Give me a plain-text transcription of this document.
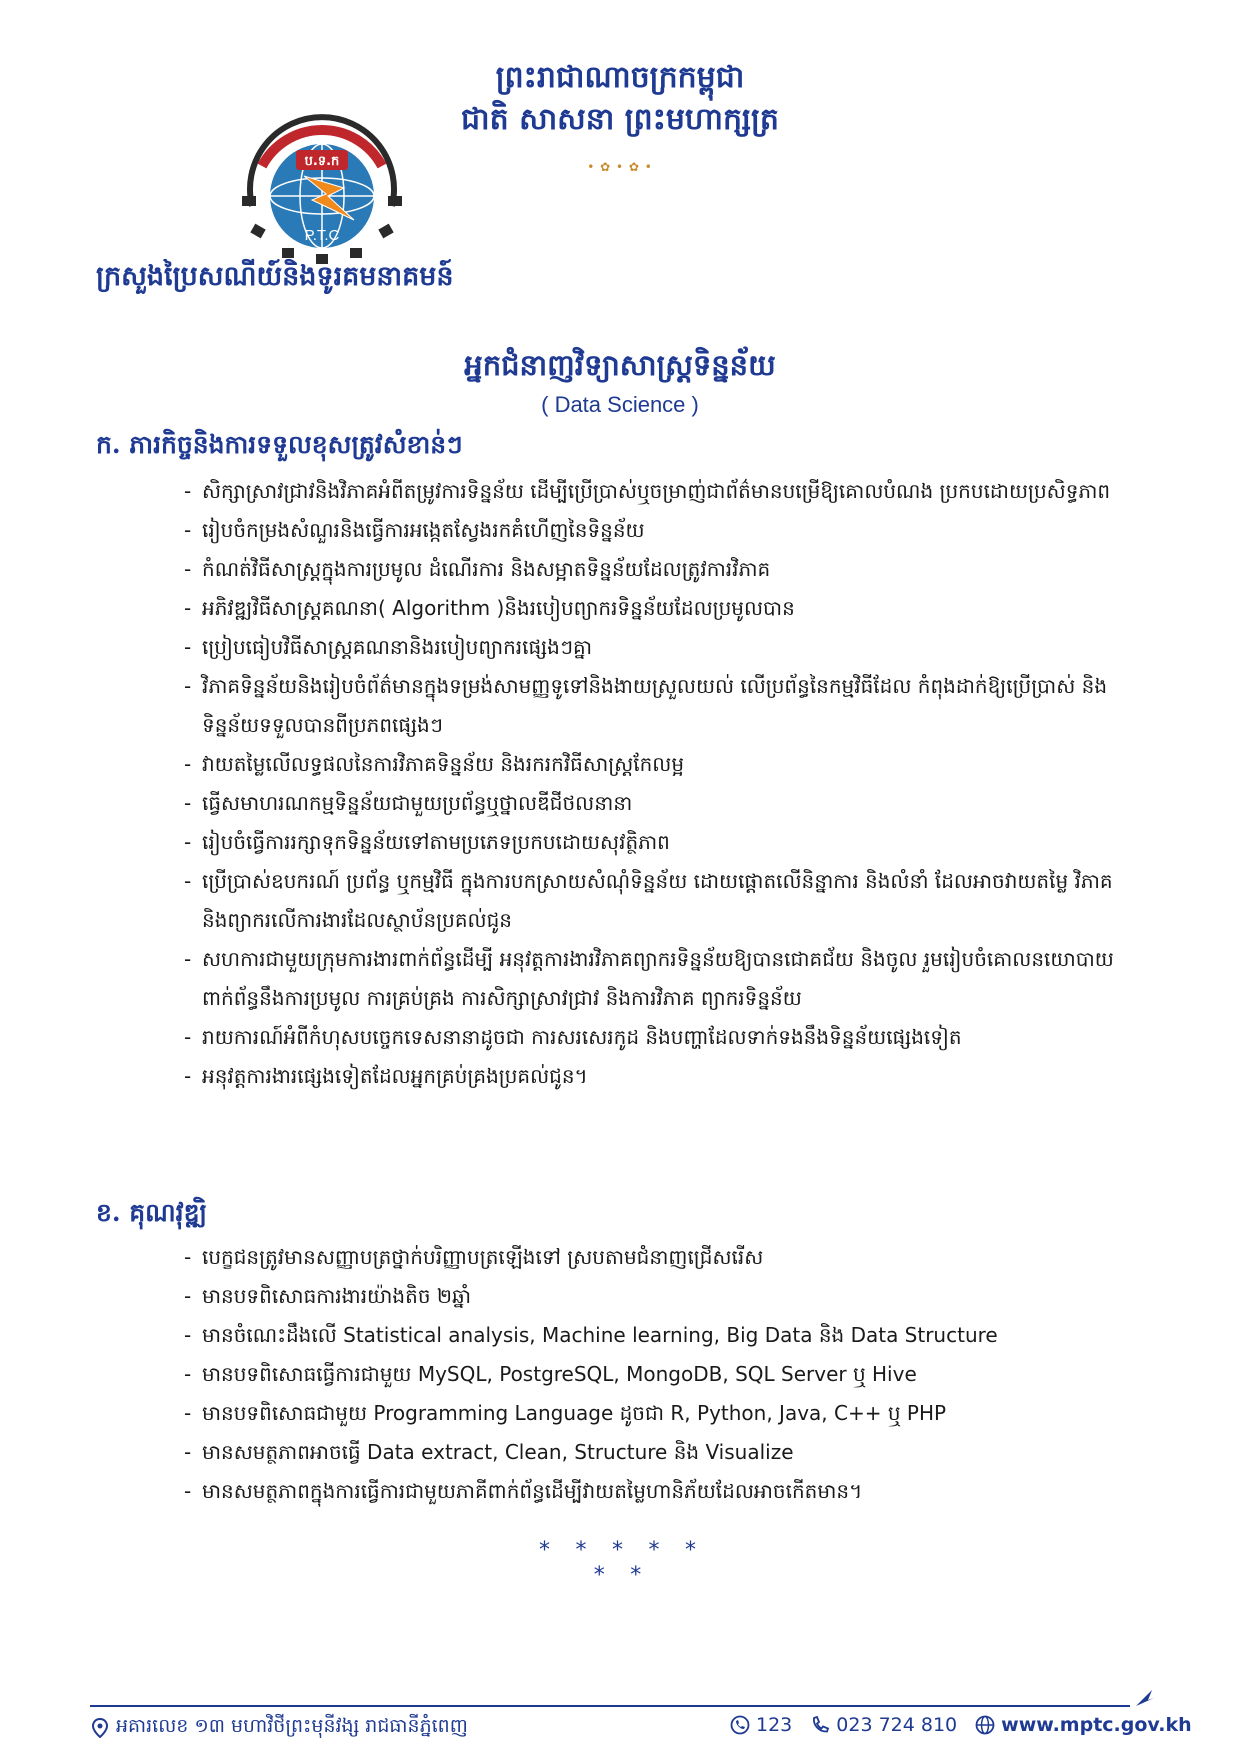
ព្រះរាជាណាចក្រកម្ពុជា
ជាតិ សាសនា ព្រះមហាក្សត្រ
• ✿ • ✿ •
ប.ទ.ក
P.T.C
ក្រសួងប្រៃសណីយ៍និងទូរគមនាគមន៍
អ្នកជំនាញវិទ្យាសាស្ត្រទិន្នន័យ
( Data Science )
ក. ភារកិច្ចនិងការទទួលខុសត្រូវសំខាន់ៗ
- សិក្សាស្រាវជ្រាវនិងវិភាគអំពីតម្រូវការទិន្នន័យ ដើម្បីប្រើប្រាស់ឬចម្រាញ់ជាព័ត៌មានបម្រើឱ្យគោលបំណង ប្រកបដោយប្រសិទ្ធភាព
- រៀបចំកម្រងសំណួរនិងធ្វើការអង្កេតស្វែងរកគំហើញនៃទិន្នន័យ
- កំណត់វិធីសាស្ត្រក្នុងការប្រមូល ដំណើរការ និងសម្អាតទិន្នន័យដែលត្រូវការវិភាគ
- អភិវឌ្ឍវិធីសាស្ត្រគណនា( Algorithm )និងរបៀបព្យាករទិន្នន័យដែលប្រមូលបាន
- ប្រៀបធៀបវិធីសាស្ត្រគណនានិងរបៀបព្យាករផ្សេងៗគ្នា
- វិភាគទិន្នន័យនិងរៀបចំព័ត៌មានក្នុងទម្រង់សាមញ្ញទូទៅនិងងាយស្រួលយល់ លើប្រព័ន្ធនៃកម្មវិធីដែល កំពុងដាក់ឱ្យប្រើប្រាស់ និងទិន្នន័យទទួលបានពីប្រភពផ្សេងៗ
- វាយតម្លៃលើលទ្ធផលនៃការវិភាគទិន្នន័យ និងរករកវិធីសាស្ត្រកែលម្អ
- ធ្វើសមាហរណកម្មទិន្នន័យជាមួយប្រព័ន្ធឬថ្នាលឌីជីថលនានា
- រៀបចំធ្វើការរក្សាទុកទិន្នន័យទៅតាមប្រភេទប្រកបដោយសុវត្ថិភាព
- ប្រើប្រាស់ឧបករណ៍ ប្រព័ន្ធ ឬកម្មវិធី ក្នុងការបកស្រាយសំណុំទិន្នន័យ ដោយផ្តោតលើនិន្នាការ និងលំនាំ ដែលអាចវាយតម្លៃ វិភាគ និងព្យាករលើការងារដែលស្ថាប័នប្រគល់ជូន
- សហការជាមួយក្រុមការងារពាក់ព័ន្ធដើម្បី អនុវត្តការងារវិភាគព្យាករទិន្នន័យឱ្យបានជោគជ័យ និងចូល រួមរៀបចំគោលនយោបាយពាក់ព័ន្ធនឹងការប្រមូល ការគ្រប់គ្រង ការសិក្សាស្រាវជ្រាវ និងការវិភាគ ព្យាករទិន្នន័យ
- រាយការណ៍អំពីកំហុសបច្ចេកទេសនានាដូចជា ការសរសេរកូដ និងបញ្ហាដែលទាក់ទងនឹងទិន្នន័យផ្សេងទៀត
- អនុវត្តការងារផ្សេងទៀតដែលអ្នកគ្រប់គ្រងប្រគល់ជូន។
ខ. គុណវុឌ្ឍិ
- បេក្ខជនត្រូវមានសញ្ញាបត្រថ្នាក់បរិញ្ញាបត្រឡើងទៅ ស្របតាមជំនាញជ្រើសរើស
- មានបទពិសោធការងារយ៉ាងតិច ២ឆ្នាំ
- មានចំណេះដឹងលើ Statistical analysis, Machine learning, Big Data និង Data Structure
- មានបទពិសោធធ្វើការជាមួយ MySQL, PostgreSQL, MongoDB, SQL Server ឬ Hive
- មានបទពិសោធជាមួយ Programming Language ដូចជា R, Python, Java, C++ ឬ PHP
- មានសមត្ថភាពអាចធ្វើ Data extract, Clean, Structure និង Visualize
- មានសមត្ថភាពក្នុងការធ្វើការជាមួយភាគីពាក់ព័ន្ធដើម្បីវាយតម្លៃហានិភ័យដែលអាចកើតមាន។
* * * * * * *
អគារលេខ ១៣ មហាវិថីព្រះមុនីវង្ស រាជធានីភ្នំពេញ	123 023 724 810 www.mptc.gov.kh
